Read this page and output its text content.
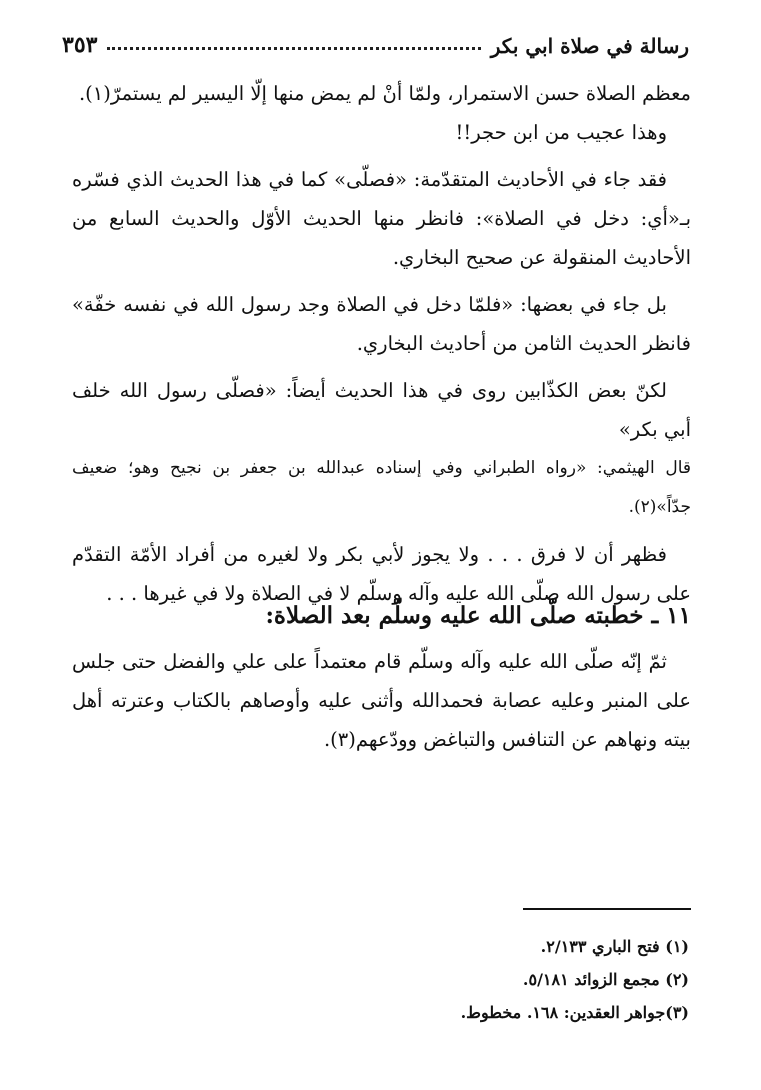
رسالة في صلاة ابي بكر
٣٥٣

معظم الصلاة حسن الاستمرار، ولمّا أنْ لم يمض منها إلّا اليسير لم يستمرّ(١).

وهذا عجيب من ابن حجر!!

فقد جاء في الأحاديث المتقدّمة: «فصلّى» كما في هذا الحديث الذي فسّره بـ«أي: دخل في الصلاة»: فانظر منها الحديث الأوّل والحديث السابع من الأحاديث المنقولة عن صحيح البخاري.

بل جاء في بعضها: «فلمّا دخل في الصلاة وجد رسول الله في نفسه خفّة» فانظر الحديث الثامن من أحاديث البخاري.

لكنّ بعض الكذّابين روى في هذا الحديث أيضاً: «فصلّى رسول الله خلف أبي بكر»

قال الهيثمي: «رواه الطبراني وفي إسناده عبدالله بن جعفر بن نجيح وهو؛ ضعيف جدّاً»(٢).

فظهر أن لا فرق . . . ولا يجوز لأبي بكر ولا لغيره من أفراد الأمّة التقدّم على رسول الله صلّى الله عليه وآله وسلّم لا في الصلاة ولا في غيرها . . .

١١ ـ خطبته صلّى الله عليه وسلّم بعد الصلاة:

ثمّ إنّه صلّى الله عليه وآله وسلّم قام معتمداً على علي والفضل حتى جلس على المنبر وعليه عصابة فحمدالله وأثنى عليه وأوصاهم بالكتاب وعترته أهل بيته ونهاهم عن التنافس والتباغض وودّعهم(٣).

(١) فتح الباري ٢/١٣٣.

(٢) مجمع الزوائد ٥/١٨١.

(٣)جواهر العقدين: ١٦٨. مخطوط.
